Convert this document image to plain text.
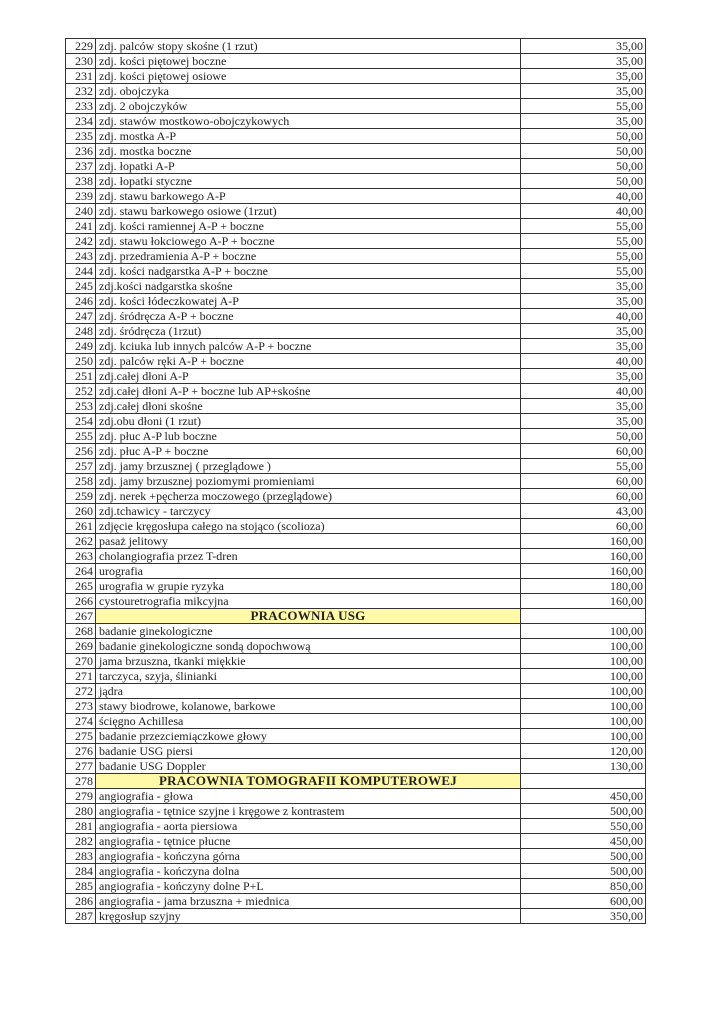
229	zdj. palców stopy skośne (1 rzut)	35,00
230	zdj. kości piętowej boczne	35,00
231	zdj. kości piętowej osiowe	35,00
232	zdj. obojczyka	35,00
233	zdj. 2 obojczyków	55,00
234	zdj. stawów mostkowo-obojczykowych	35,00
235	zdj. mostka A-P	50,00
236	zdj. mostka boczne	50,00
237	zdj. łopatki A-P	50,00
238	zdj. łopatki styczne	50,00
239	zdj. stawu barkowego A-P	40,00
240	zdj. stawu barkowego osiowe (1rzut)	40,00
241	zdj. kości ramiennej A-P + boczne	55,00
242	zdj. stawu łokciowego A-P + boczne	55,00
243	zdj. przedramienia A-P + boczne	55,00
244	zdj. kości nadgarstka A-P + boczne	55,00
245	zdj.kości nadgarstka skośne	35,00
246	zdj. kości łódeczkowatej A-P	35,00
247	zdj. śródręcza A-P + boczne	40,00
248	zdj. śródręcza (1rzut)	35,00
249	zdj. kciuka lub innych palców A-P + boczne	35,00
250	zdj. palców ręki A-P + boczne	40,00
251	zdj.całej dłoni A-P	35,00
252	zdj.całej dłoni A-P + boczne lub AP+skośne	40,00
253	zdj.całej dłoni skośne	35,00
254	zdj.obu dłoni (1 rzut)	35,00
255	zdj. płuc A-P lub boczne	50,00
256	zdj. płuc A-P + boczne	60,00
257	zdj. jamy brzusznej ( przeglądowe )	55,00
258	zdj. jamy brzusznej poziomymi promieniami	60,00
259	zdj. nerek +pęcherza moczowego (przeglądowe)	60,00
260	zdj.tchawicy - tarczycy	43,00
261	zdjęcie kręgosłupa całego na stojąco (scolioza)	60,00
262	pasaż jelitowy	160,00
263	cholangiografia przez T-dren	160,00
264	urografia	160,00
265	urografia w grupie ryzyka	180,00
266	cystouretrografia mikcyjna	160,00
267	PRACOWNIA USG	
268	badanie ginekologiczne	100,00
269	badanie ginekologiczne sondą dopochwową	100,00
270	jama brzuszna, tkanki miękkie	100,00
271	tarczyca, szyja, ślinianki	100,00
272	jądra	100,00
273	stawy biodrowe, kolanowe, barkowe	100,00
274	ścięgno Achillesa	100,00
275	badanie przezciemiączkowe głowy	100,00
276	badanie USG piersi	120,00
277	badanie USG Doppler	130,00
278	PRACOWNIA TOMOGRAFII KOMPUTEROWEJ	
279	angiografia - głowa	450,00
280	angiografia - tętnice szyjne i kręgowe z kontrastem	500,00
281	angiografia - aorta piersiowa	550,00
282	angiografia - tętnice płucne	450,00
283	angiografia - kończyna górna	500,00
284	angiografia - kończyna dolna	500,00
285	angiografia - kończyny dolne P+L	850,00
286	angiografia - jama brzuszna + miednica	600,00
287	kręgosłup szyjny	350,00
